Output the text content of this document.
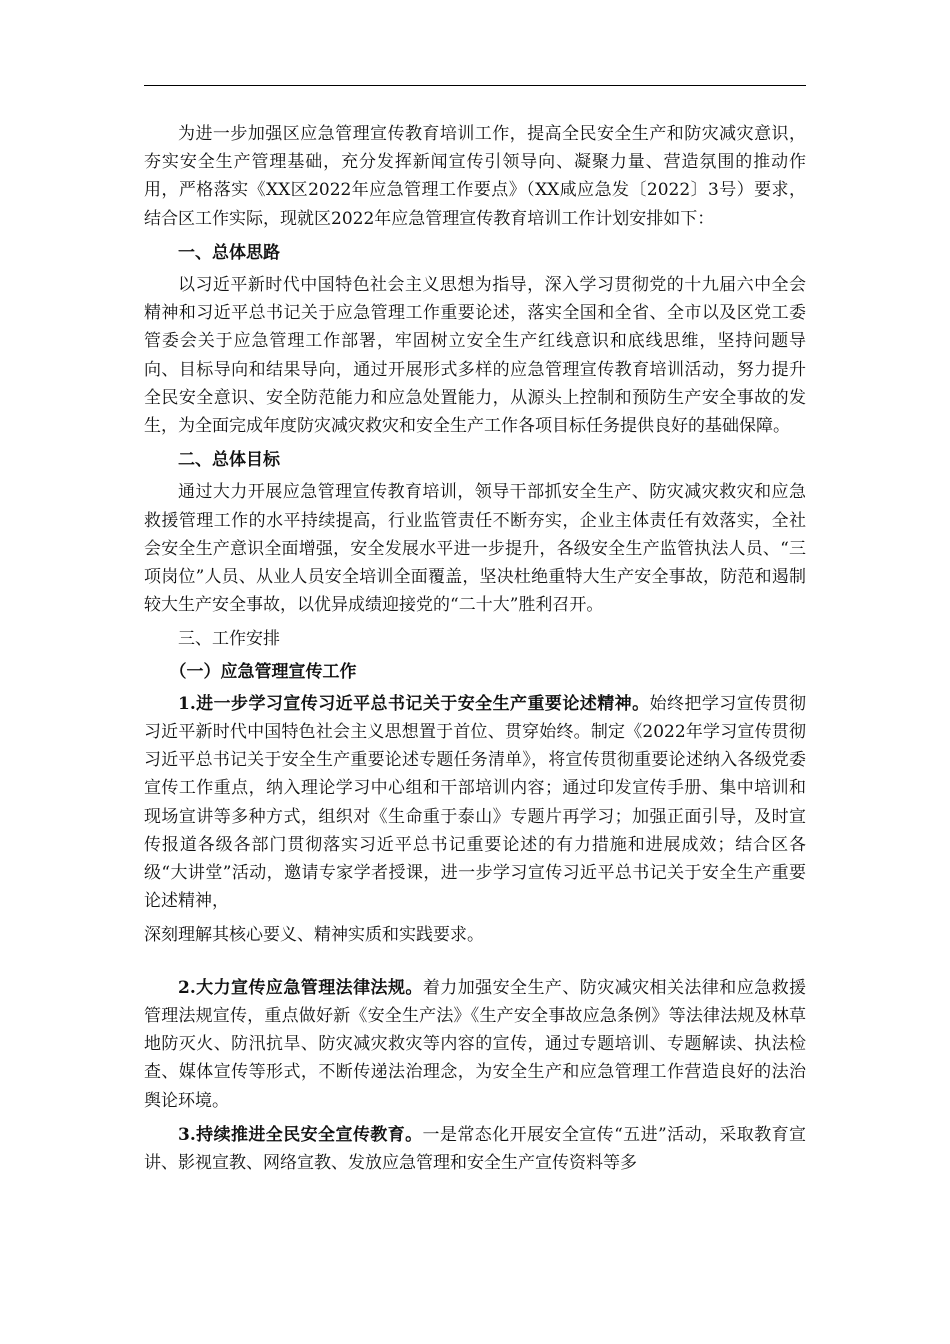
为进一步加强区应急管理宣传教育培训工作，提高全民安全生产和防灾减灾意识，夯实安全生产管理基础，充分发挥新闻宣传引领导向、凝聚力量、营造氛围的推动作用，严格落实《XX区2022年应急管理工作要点》（XX咸应急发〔2022〕3号）要求，结合区工作实际，现就区2022年应急管理宣传教育培训工作计划安排如下：

一、总体思路

以习近平新时代中国特色社会主义思想为指导，深入学习贯彻党的十九届六中全会精神和习近平总书记关于应急管理工作重要论述，落实全国和全省、全市以及区党工委管委会关于应急管理工作部署，牢固树立安全生产红线意识和底线思维，坚持问题导向、目标导向和结果导向，通过开展形式多样的应急管理宣传教育培训活动，努力提升全民安全意识、安全防范能力和应急处置能力，从源头上控制和预防生产安全事故的发生，为全面完成年度防灾减灾救灾和安全生产工作各项目标任务提供良好的基础保障。

二、总体目标

通过大力开展应急管理宣传教育培训，领导干部抓安全生产、防灾减灾救灾和应急救援管理工作的水平持续提高，行业监管责任不断夯实，企业主体责任有效落实，全社会安全生产意识全面增强，安全发展水平进一步提升，各级安全生产监管执法人员、“三项岗位”人员、从业人员安全培训全面覆盖，坚决杜绝重特大生产安全事故，防范和遏制较大生产安全事故，以优异成绩迎接党的“二十大”胜利召开。

三、工作安排

（一）应急管理宣传工作

1.进一步学习宣传习近平总书记关于安全生产重要论述精神。始终把学习宣传贯彻习近平新时代中国特色社会主义思想置于首位、贯穿始终。制定《2022年学习宣传贯彻习近平总书记关于安全生产重要论述专题任务清单》，将宣传贯彻重要论述纳入各级党委宣传工作重点，纳入理论学习中心组和干部培训内容；通过印发宣传手册、集中培训和现场宣讲等多种方式，组织对《生命重于泰山》专题片再学习；加强正面引导，及时宣传报道各级各部门贯彻落实习近平总书记重要论述的有力措施和进展成效；结合区各级“大讲堂”活动，邀请专家学者授课，进一步学习宣传习近平总书记关于安全生产重要论述精神，

深刻理解其核心要义、精神实质和实践要求。

2.大力宣传应急管理法律法规。着力加强安全生产、防灾减灾相关法律和应急救援管理法规宣传，重点做好新《安全生产法》《生产安全事故应急条例》等法律法规及林草地防灭火、防汛抗旱、防灾减灾救灾等内容的宣传，通过专题培训、专题解读、执法检查、媒体宣传等形式，不断传递法治理念，为安全生产和应急管理工作营造良好的法治舆论环境。

3.持续推进全民安全宣传教育。一是常态化开展安全宣传“五进”活动，采取教育宣讲、影视宣教、网络宣教、发放应急管理和安全生产宣传资料等多
